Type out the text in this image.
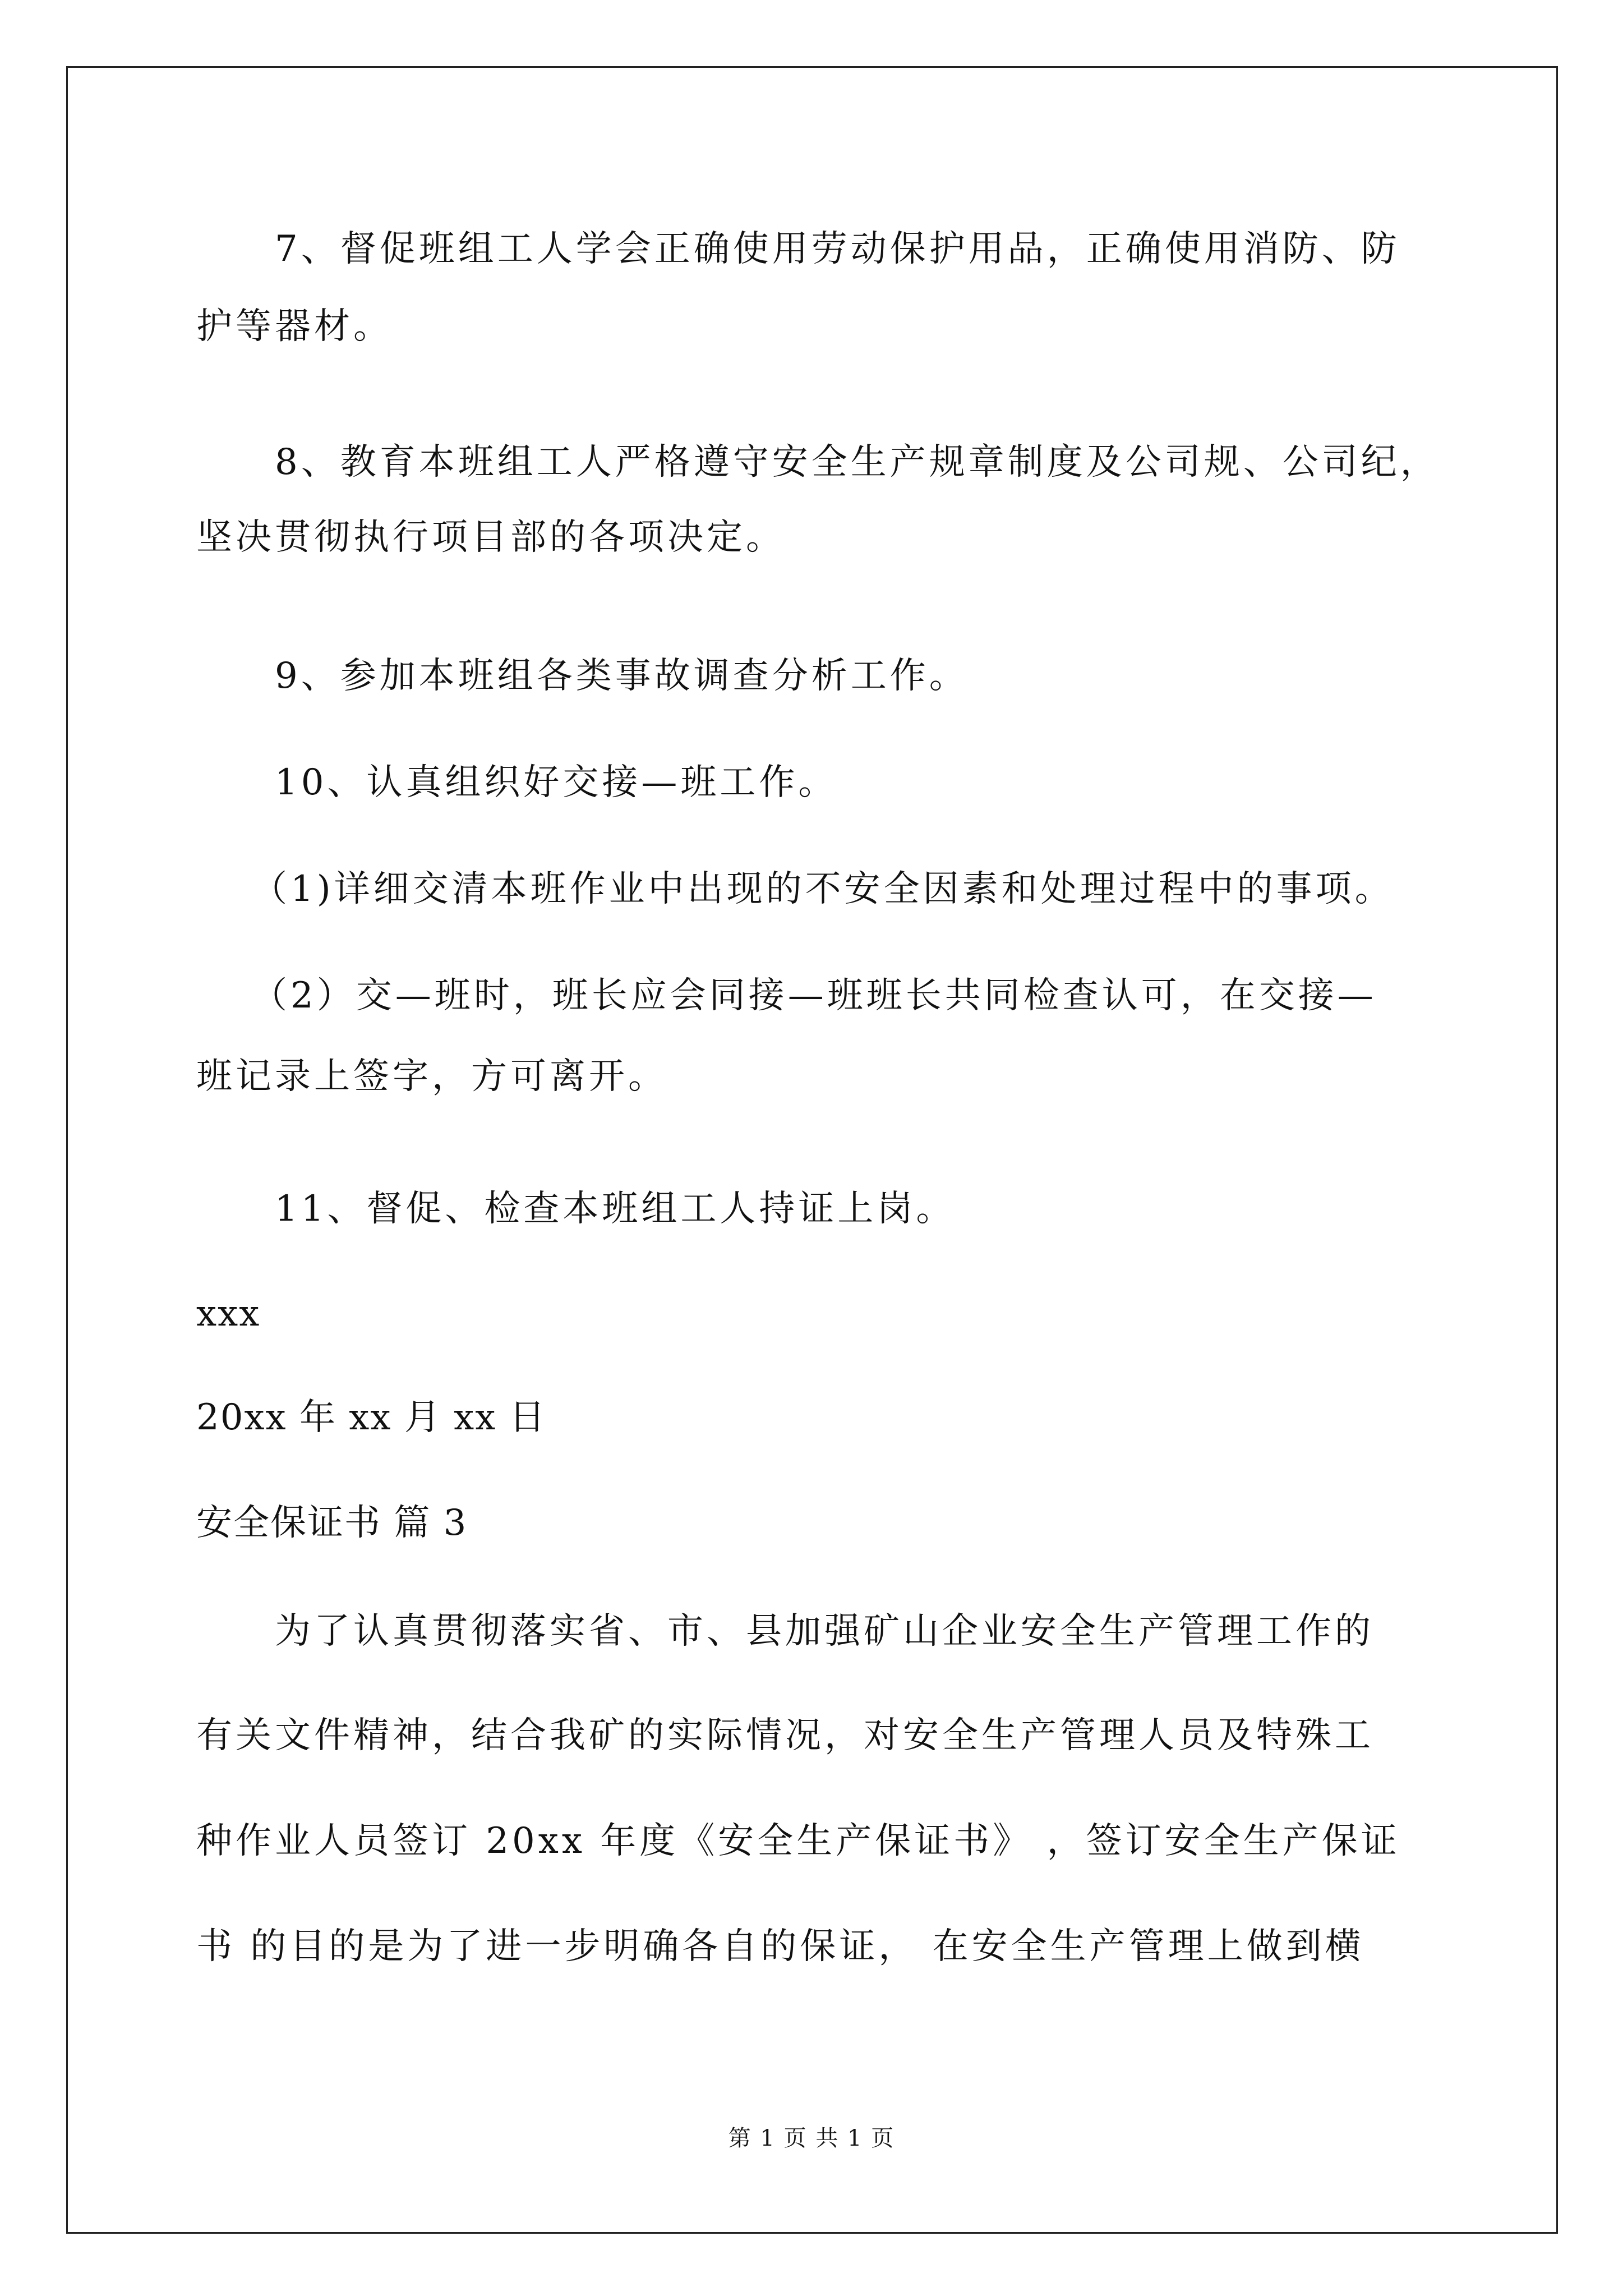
7、督促班组工人学会正确使用劳动保护用品，正确使用消防、防
护等器材。
8、教育本班组工人严格遵守安全生产规章制度及公司规、公司纪，
坚决贯彻执行项目部的各项决定。
9、参加本班组各类事故调查分析工作。
10、认真组织好交接—班工作。
（1)详细交清本班作业中出现的不安全因素和处理过程中的事项。
（2）交—班时，班长应会同接—班班长共同检查认可，在交接—
班记录上签字，方可离开。
11、督促、检查本班组工人持证上岗。
xxx
20xx 年 xx 月 xx 日
安全保证书 篇 3
为了认真贯彻落实省、市、县加强矿山企业安全生产管理工作的
有关文件精神，结合我矿的实际情况，对安全生产管理人员及特殊工
种作业人员签订 20xx 年度《安全生产保证书》 ，签订安全生产保证
书 的目的是为了进一步明确各自的保证， 在安全生产管理上做到横
第 1 页 共 1 页
